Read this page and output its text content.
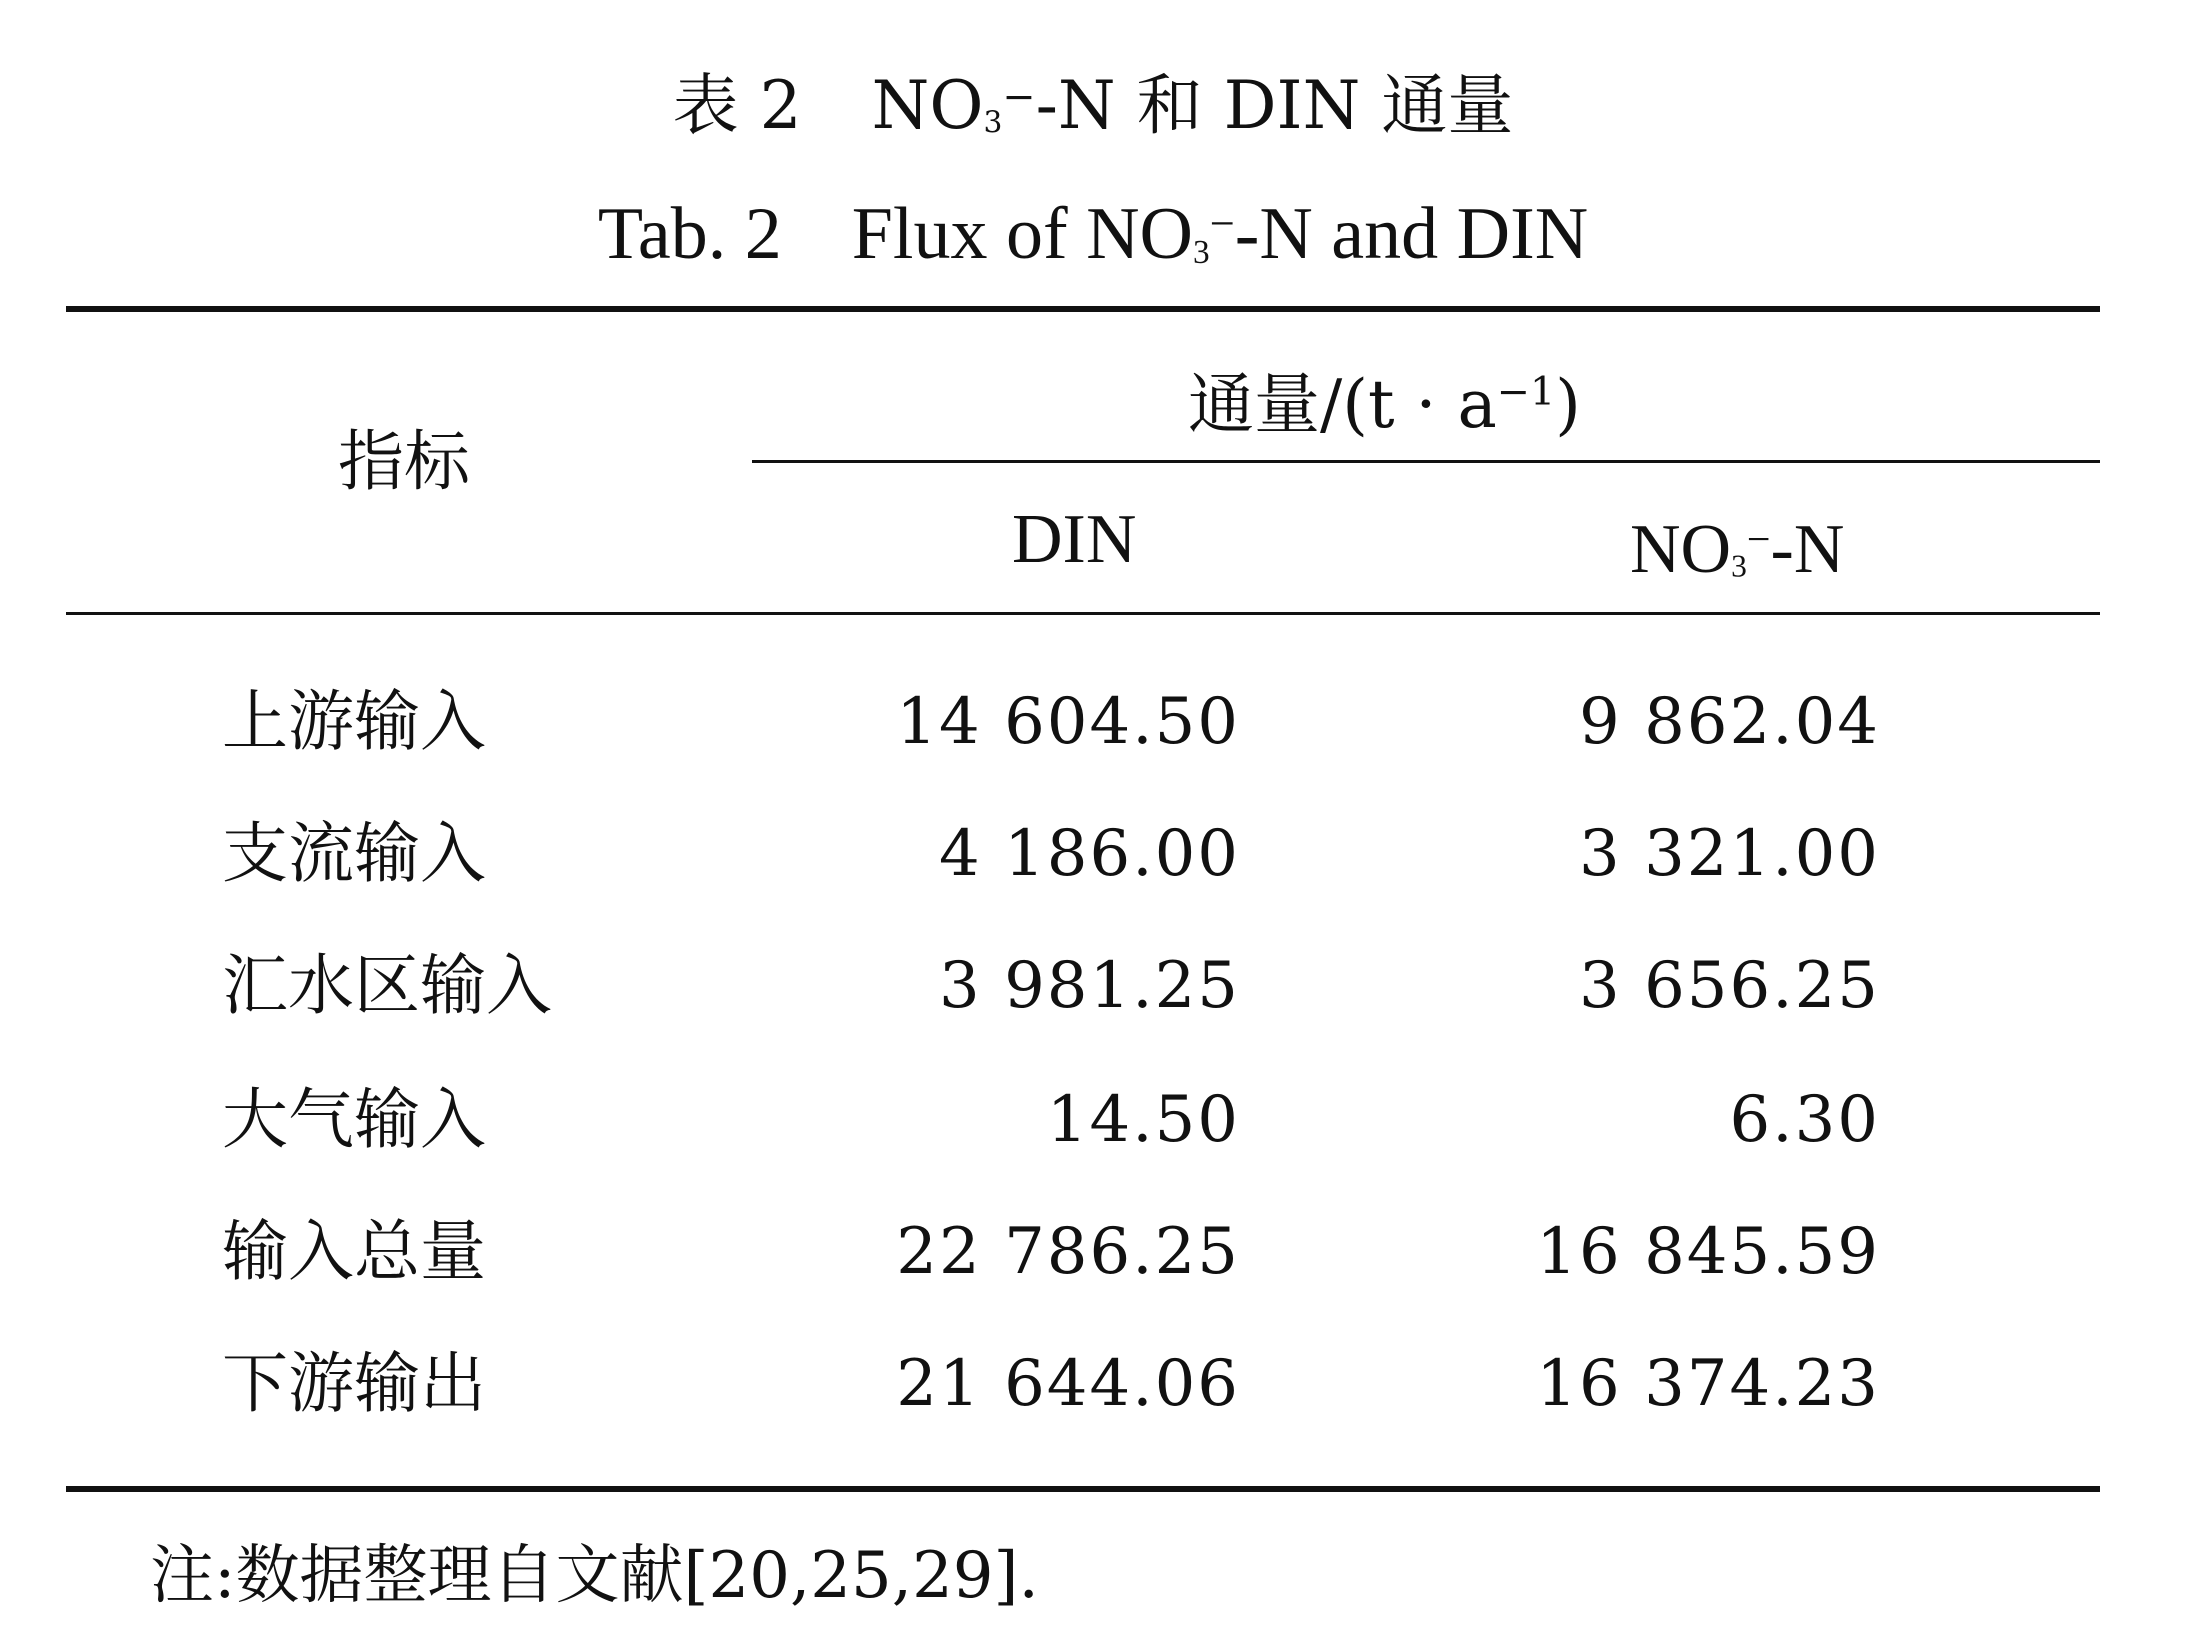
表 2 $NO_3^--N$ 和 DIN 通量
Tab. 2 Flux of $NO_3^--N$ and DIN
指标
通量$/(t \cdot a^{-1})$
DIN	$NO_3^--N$
上游输入	14 604.50	9 862.04
支流输入	4 186.00	3 321.00
汇水区输入	3 981.25	3 656.25
大气输入	14.50	6.30
输入总量	22 786.25	16 845.59
下游输出	21 644.06	16 374.23
注:数据整理自文献[20,25,29].
